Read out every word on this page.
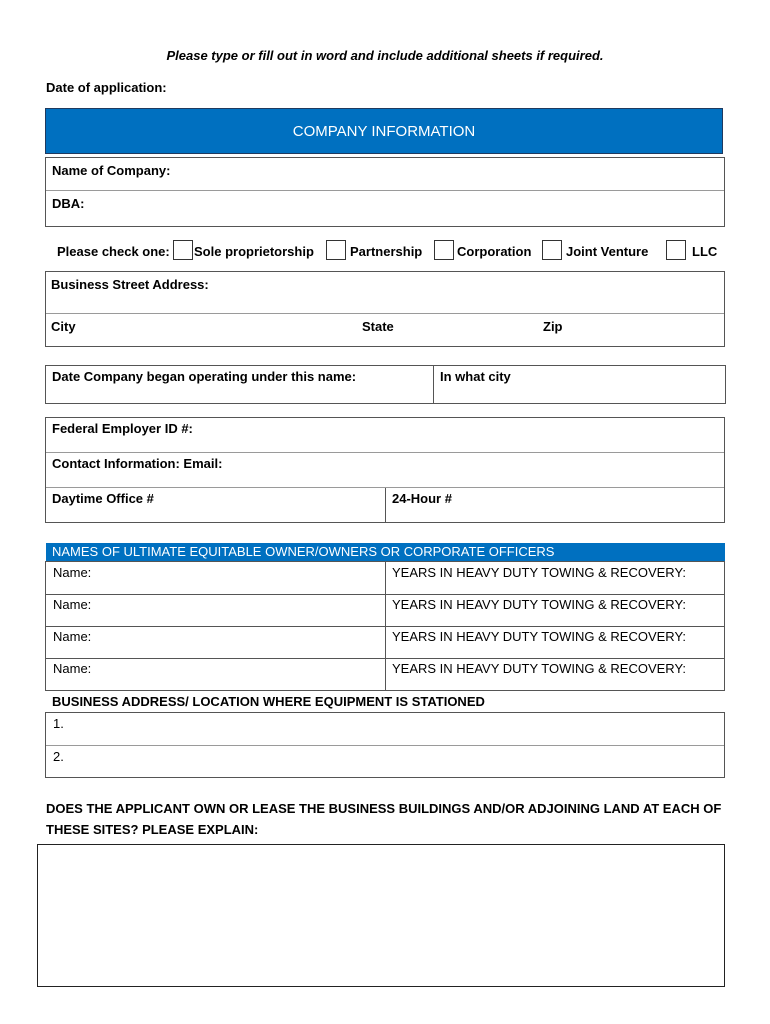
Please type or fill out in word and include additional sheets if required.
Date of application:
COMPANY INFORMATION
Name of Company:
DBA:
Please check one: Sole proprietorship	Partnership	Corporation	Joint Venture	LLC
Business Street Address:
City	State	Zip
Date Company began operating under this name:	In what city
Federal Employer ID #:
Contact Information: Email:
Daytime Office #	24-Hour #
NAMES OF ULTIMATE EQUITABLE OWNER/OWNERS OR CORPORATE OFFICERS
Name:	YEARS IN HEAVY DUTY TOWING & RECOVERY:
Name:	YEARS IN HEAVY DUTY TOWING & RECOVERY:
Name:	YEARS IN HEAVY DUTY TOWING & RECOVERY:
Name:	YEARS IN HEAVY DUTY TOWING & RECOVERY:
BUSINESS ADDRESS/ LOCATION WHERE EQUIPMENT IS STATIONED
1.
2.
DOES THE APPLICANT OWN OR LEASE THE BUSINESS BUILDINGS AND/OR ADJOINING LAND AT EACH OF
THESE SITES? PLEASE EXPLAIN:
